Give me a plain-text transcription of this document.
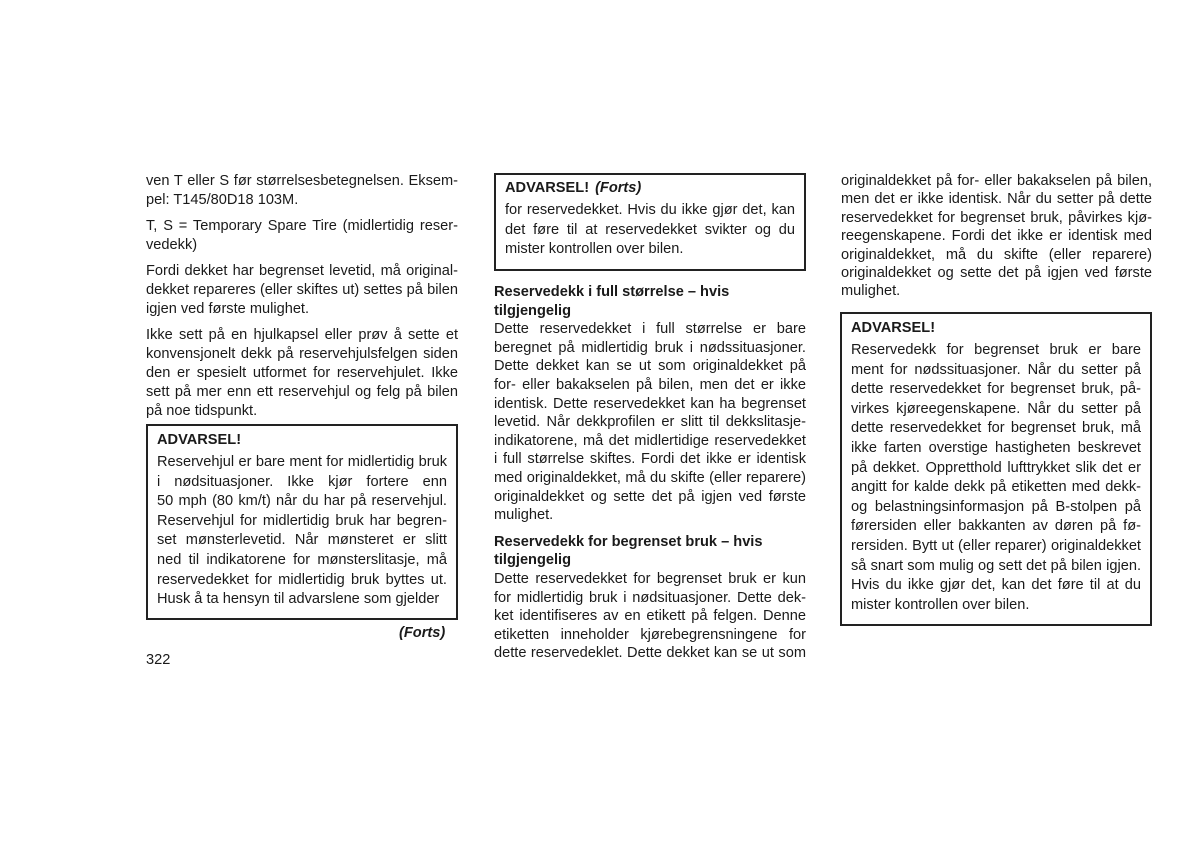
ven T eller S før størrelsesbetegnelsen. Eksem-
pel: T145/80D18 103M.

T, S = Temporary Spare Tire (midlertidig reser-
vedekk)

Fordi dekket har begrenset levetid, må original-
dekket repareres (eller skiftes ut) settes på bilen
igjen ved første mulighet.

Ikke sett på en hjulkapsel eller prøv å sette et
konvensjonelt dekk på reservehjulsfelgen siden
den er spesielt utformet for reservehjulet. Ikke
sett på mer enn ett reservehjul og felg på bilen
på noe tidspunkt.

ADVARSEL!
Reservehjul er bare ment for midlertidig bruk
i nødsituasjoner. Ikke kjør fortere enn
50 mph (80 km/t) når du har på reservehjul.
Reservehjul for midlertidig bruk har begren-
set mønsterlevetid. Når mønsteret er slitt
ned til indikatorene for mønsterslitasje, må
reservedekket for midlertidig bruk byttes ut.
Husk å ta hensyn til advarslene som gjelder
(Forts)
322
ADVARSEL! (Forts)
for reservedekket. Hvis du ikke gjør det, kan
det føre til at reservedekket svikter og du
mister kontrollen over bilen.
Reservedekk i full størrelse – hvis
tilgjengelig
Dette reservedekket i full størrelse er bare
beregnet på midlertidig bruk i nødssituasjoner.
Dette dekket kan se ut som originaldekket på
for- eller bakakselen på bilen, men det er ikke
identisk. Dette reservedekket kan ha begrenset
levetid. Når dekkprofilen er slitt til dekkslitasje-
indikatorene, må det midlertidige reservedekket
i full størrelse skiftes. Fordi det ikke er identisk
med originaldekket, må du skifte (eller reparere)
originaldekket og sette det på igjen ved første
mulighet.
Reservedekk for begrenset bruk – hvis
tilgjengelig
Dette reservedekket for begrenset bruk er kun
for midlertidig bruk i nødsituasjoner. Dette dek-
ket identifiseres av en etikett på felgen. Denne
etiketten inneholder kjørebegrensningene for
dette reservedeklet. Dette dekket kan se ut som

originaldekket på for- eller bakakselen på bilen,
men det er ikke identisk. Når du setter på dette
reservedekket for begrenset bruk, påvirkes kjø-
reegenskapene. Fordi det ikke er identisk med
originaldekket, må du skifte (eller reparere)
originaldekket og sette det på igjen ved første
mulighet.

ADVARSEL!
Reservedekk for begrenset bruk er bare
ment for nødssituasjoner. Når du setter på
dette reservedekket for begrenset bruk, på-
virkes kjøreegenskapene. Når du setter på
dette reservedekket for begrenset bruk, må
ikke farten overstige hastigheten beskrevet
på dekket. Oppretthold lufttrykket slik det er
angitt for kalde dekk på etiketten med dekk-
og belastningsinformasjon på B-stolpen på
førersiden eller bakkanten av døren på fø-
rersiden. Bytt ut (eller reparer) originaldekket
så snart som mulig og sett det på bilen igjen.
Hvis du ikke gjør det, kan det føre til at du
mister kontrollen over bilen.
